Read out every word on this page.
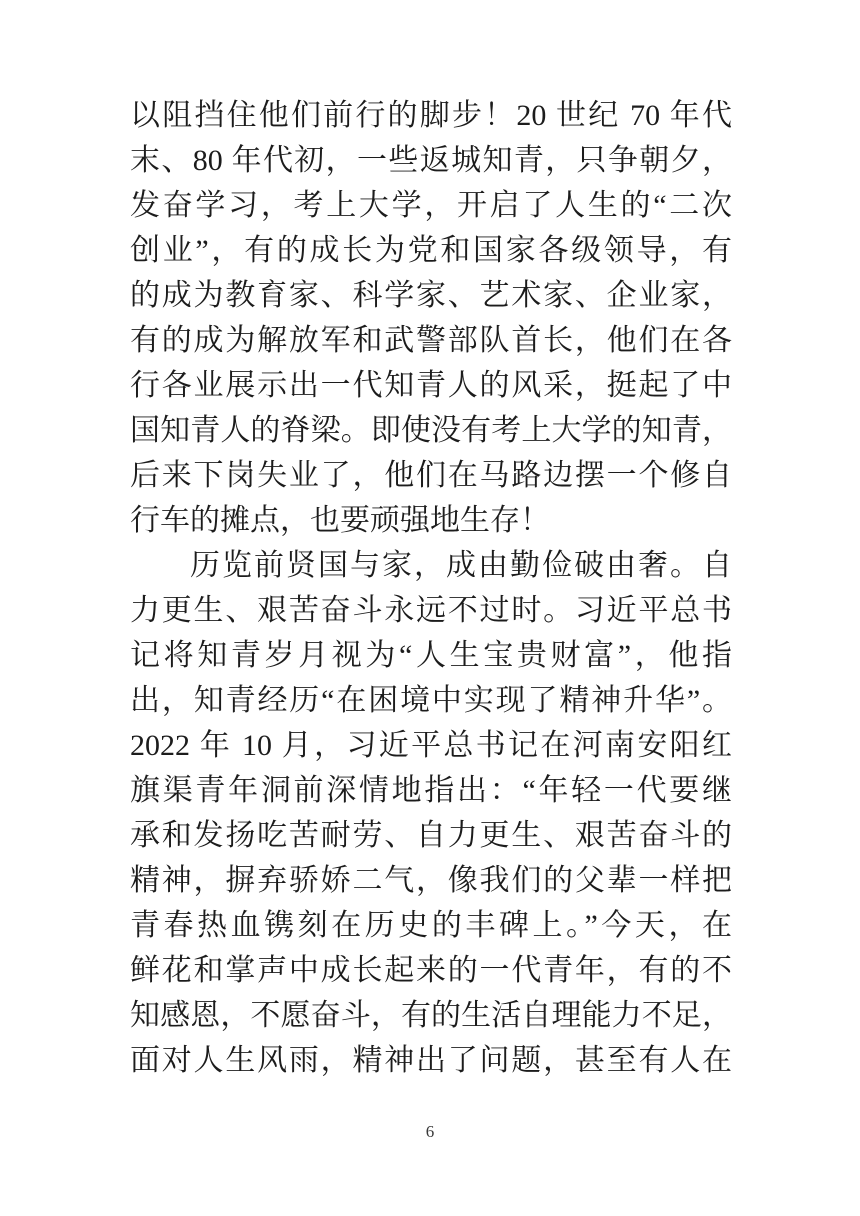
以阻挡住他们前行的脚步！20 世纪 70 年代
末、80 年代初，一些返城知青，只争朝夕，
发奋学习，考上大学，开启了人生的“二次
创业”，有的成长为党和国家各级领导，有
的成为教育家、科学家、艺术家、企业家，
有的成为解放军和武警部队首长，他们在各
行各业展示出一代知青人的风采，挺起了中
国知青人的脊梁。即使没有考上大学的知青，
后来下岗失业了，他们在马路边摆一个修自
行车的摊点，也要顽强地生存！
历览前贤国与家，成由勤俭破由奢。自
力更生、艰苦奋斗永远不过时。习近平总书
记将知青岁月视为“人生宝贵财富”，他指
出，知青经历“在困境中实现了精神升华”。
2022 年 10 月，习近平总书记在河南安阳红
旗渠青年洞前深情地指出：“年轻一代要继
承和发扬吃苦耐劳、自力更生、艰苦奋斗的
精神，摒弃骄娇二气，像我们的父辈一样把
青春热血镌刻在历史的丰碑上。”今天，在
鲜花和掌声中成长起来的一代青年，有的不
知感恩，不愿奋斗，有的生活自理能力不足，
面对人生风雨，精神出了问题，甚至有人在
6
